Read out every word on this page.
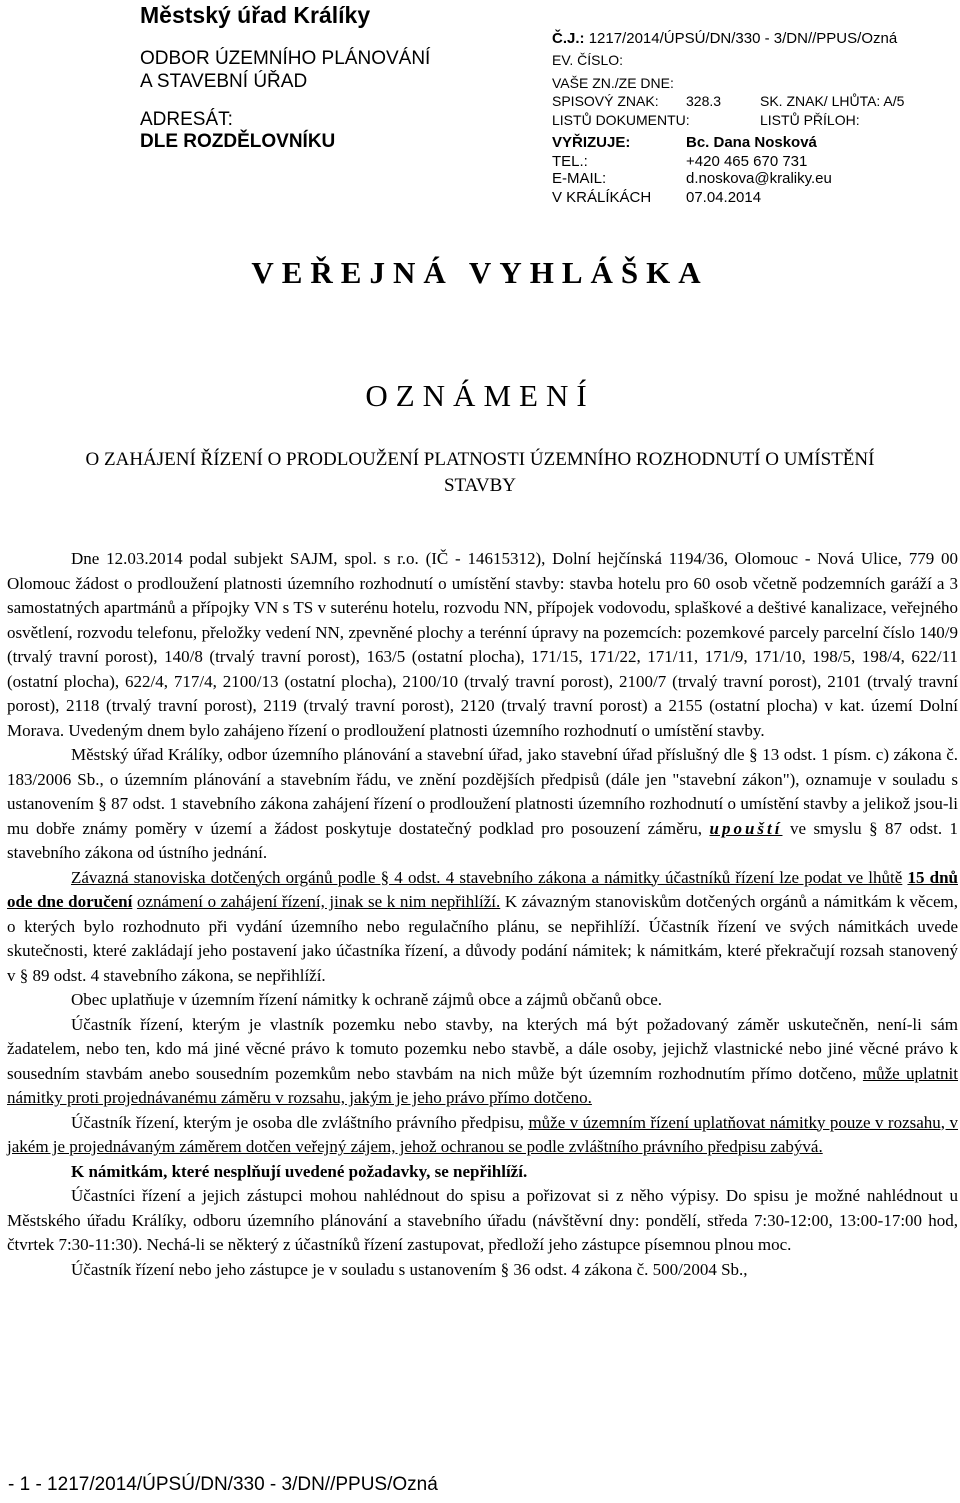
Městský úřad Králíky
ODBOR ÚZEMNÍHO PLÁNOVÁNÍ
A STAVEBNÍ ÚŘAD
ADRESÁT:
DLE ROZDĚLOVNÍKU
Č.J.: 1217/2014/ÚPSÚ/DN/330 - 3/DN//PPUS/Ozná
EV. ČÍSLO:
VAŠE ZN./ZE DNE:
SPISOVÝ ZNAK: 328.3	SK. ZNAK/ LHŮTA: A/5
LISTŮ DOKUMENTU:	LISTŮ PŘÍLOH:
VYŘIZUJE:	Bc. Dana Nosková
TEL.:	+420 465 670 731
E-MAIL:	d.noskova@kraliky.eu
V KRÁLÍKÁCH 07.04.2014
VEŘEJNÁ VYHLÁŠKA
OZNÁMENÍ
O ZAHÁJENÍ ŘÍZENÍ O PRODLOUŽENÍ PLATNOSTI ÚZEMNÍHO ROZHODNUTÍ O UMÍSTĚNÍ STAVBY

Dne 12.03.2014 podal subjekt SAJM, spol. s r.o. (IČ - 14615312), Dolní hejčínská 1194/36, Olomouc - Nová Ulice, 779 00 Olomouc žádost o prodloužení platnosti územního rozhodnutí o umístění stavby: stavba hotelu pro 60 osob včetně podzemních garáží a 3 samostatných apartmánů a přípojky VN s TS v suterénu hotelu, rozvodu NN, přípojek vodovodu, splaškové a deštivé kanalizace, veřejného osvětlení, rozvodu telefonu, přeložky vedení NN, zpevněné plochy a terénní úpravy na pozemcích: pozemkové parcely parcelní číslo 140/9 (trvalý travní porost), 140/8 (trvalý travní porost), 163/5 (ostatní plocha), 171/15, 171/22, 171/11, 171/9, 171/10, 198/5, 198/4, 622/11 (ostatní plocha), 622/4, 717/4, 2100/13 (ostatní plocha), 2100/10 (trvalý travní porost), 2100/7 (trvalý travní porost), 2101 (trvalý travní porost), 2118 (trvalý travní porost), 2119 (trvalý travní porost), 2120 (trvalý travní porost) a 2155 (ostatní plocha) v kat. území Dolní Morava. Uvedeným dnem bylo zahájeno řízení o prodloužení platnosti územního rozhodnutí o umístění stavby.

Městský úřad Králíky, odbor územního plánování a stavební úřad, jako stavební úřad příslušný dle § 13 odst. 1 písm. c) zákona č. 183/2006 Sb., o územním plánování a stavebním řádu, ve znění pozdějších předpisů (dále jen "stavební zákon"), oznamuje v souladu s ustanovením § 87 odst. 1 stavebního zákona zahájení řízení o prodloužení platnosti územního rozhodnutí o umístění stavby a jelikož jsou-li mu dobře známy poměry v území a žádost poskytuje dostatečný podklad pro posouzení záměru, upouští ve smyslu § 87 odst. 1 stavebního zákona od ústního jednání.

Závazná stanoviska dotčených orgánů podle § 4 odst. 4 stavebního zákona a námitky účastníků řízení lze podat ve lhůtě 15 dnů ode dne doručení oznámení o zahájení řízení, jinak se k nim nepřihlíží. K závazným stanoviskům dotčených orgánů a námitkám k věcem, o kterých bylo rozhodnuto při vydání územního nebo regulačního plánu, se nepřihlíží. Účastník řízení ve svých námitkách uvede skutečnosti, které zakládají jeho postavení jako účastníka řízení, a důvody podání námitek; k námitkám, které překračují rozsah stanovený v § 89 odst. 4 stavebního zákona, se nepřihlíží.

Obec uplatňuje v územním řízení námitky k ochraně zájmů obce a zájmů občanů obce.

Účastník řízení, kterým je vlastník pozemku nebo stavby, na kterých má být požadovaný záměr uskutečněn, není-li sám žadatelem, nebo ten, kdo má jiné věcné právo k tomuto pozemku nebo stavbě, a dále osoby, jejichž vlastnické nebo jiné věcné právo k sousedním stavbám anebo sousedním pozemkům nebo stavbám na nich může být územním rozhodnutím přímo dotčeno, může uplatnit námitky proti projednávanému záměru v rozsahu, jakým je jeho právo přímo dotčeno.

Účastník řízení, kterým je osoba dle zvláštního právního předpisu, může v územním řízení uplatňovat námitky pouze v rozsahu, v jakém je projednávaným záměrem dotčen veřejný zájem, jehož ochranou se podle zvláštního právního předpisu zabývá.

K námitkám, které nesplňují uvedené požadavky, se nepřihlíží.

Účastníci řízení a jejich zástupci mohou nahlédnout do spisu a pořizovat si z něho výpisy. Do spisu je možné nahlédnout u Městského úřadu Králíky, odboru územního plánování a stavebního úřadu (návštěvní dny: pondělí, středa 7:30-12:00, 13:00-17:00 hod, čtvrtek 7:30-11:30). Nechá-li se některý z účastníků řízení zastupovat, předloží jeho zástupce písemnou plnou moc.

Účastník řízení nebo jeho zástupce je v souladu s ustanovením § 36 odst. 4 zákona č. 500/2004 Sb.,

- 1 - 1217/2014/ÚPSÚ/DN/330 - 3/DN//PPUS/Ozná
